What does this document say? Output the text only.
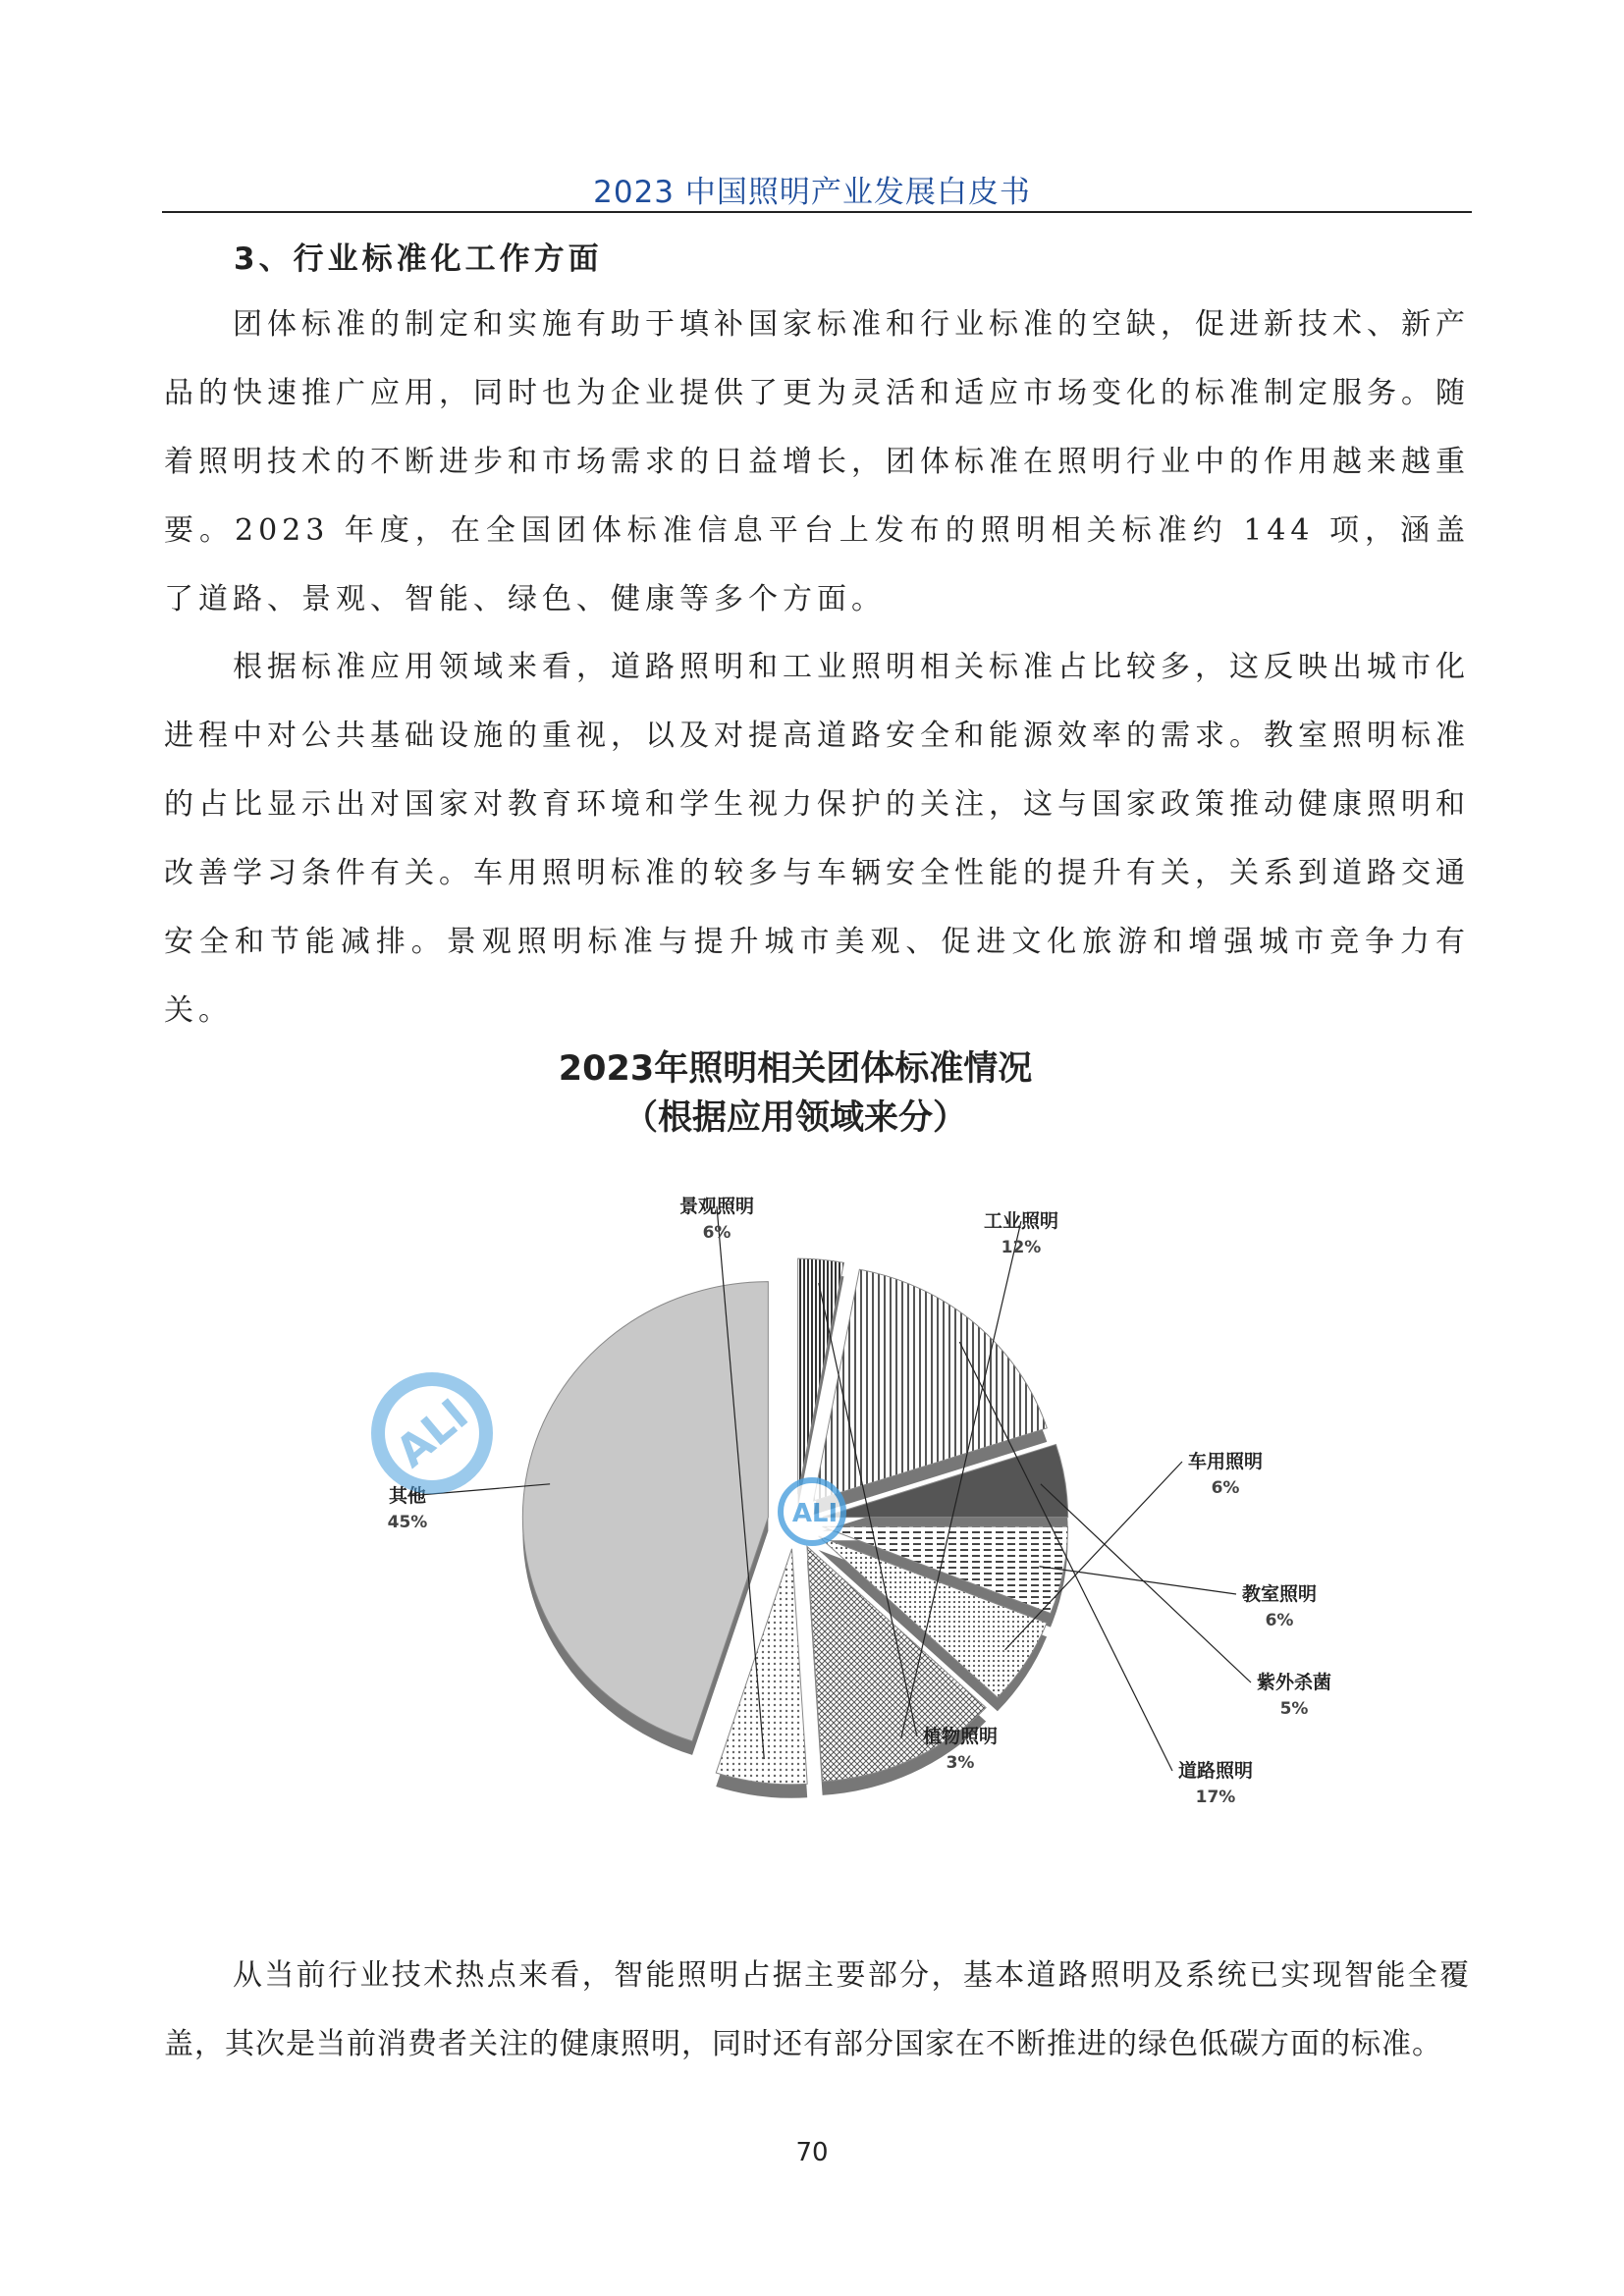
2023 中国照明产业发展白皮书
3、行业标准化工作方面

团体标准的制定和实施有助于填补国家标准和行业标准的空缺，促进新技术、新产品的快速推广应用，同时也为企业提供了更为灵活和适应市场变化的标准制定服务。随着照明技术的不断进步和市场需求的日益增长，团体标准在照明行业中的作用越来越重要。2023 年度，在全国团体标准信息平台上发布的照明相关标准约 144 项，涵盖了道路、景观、智能、绿色、健康等多个方面。

根据标准应用领域来看，道路照明和工业照明相关标准占比较多，这反映出城市化进程中对公共基础设施的重视，以及对提高道路安全和能源效率的需求。教室照明标准的占比显示出对国家对教育环境和学生视力保护的关注，这与国家政策推动健康照明和改善学习条件有关。车用照明标准的较多与车辆安全性能的提升有关，关系到道路交通安全和节能减排。景观照明标准与提升城市美观、促进文化旅游和增强城市竞争力有关。

2023年照明相关团体标准情况
（根据应用领域来分）
植物照明
3%	道路照明
17%
紫外杀菌
5%
教室照明
6%
车用照明
6%
工业照明
12%
景观照明
6%
其他
45%
ALI
ALI

从当前行业技术热点来看，智能照明占据主要部分，基本道路照明及系统已实现智能全覆盖，其次是当前消费者关注的健康照明，同时还有部分国家在不断推进的绿色低碳方面的标准。

70
